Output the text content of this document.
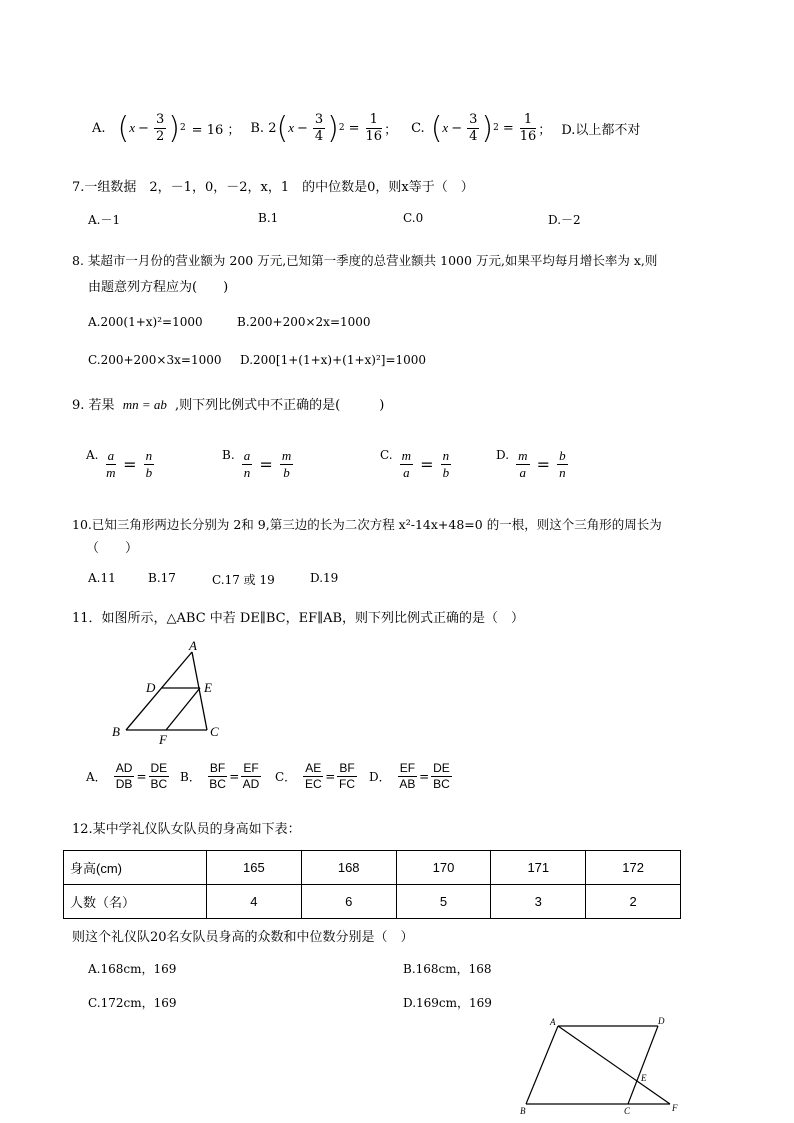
A. ( $x - \frac{3}{2}$ ) 2 = 16 ； B. 2 ( $x - \frac{3}{4}$ ) $2 = \frac{1}{16}$ ； C. ( $x - \frac{3}{4}$ ) $2 = \frac{1}{16}$ ； D.以上都不对
7.一组数据　2，－1，0，－2，x，1　的中位数是0，则x等于（　）
A.－1	B.1	C.0	D.－2
8. 某超市一月份的营业额为 200 万元,已知第一季度的总营业额共 1000 万元,如果平均每月增长率为 x,则
由题意列方程应为(　　)
A.200(1+x)²=1000	B.200+200×2x=1000
C.200+200×3x=1000 D.200[1+(1+x)+(1+x)²]=1000
9. 若果 mn = ab ,则下列比例式中不正确的是(　　　)
$^{A.} \frac{a}{m} = \frac{n}{b}$	$^{B.} \frac{a}{n} = \frac{m}{b}$	$^{C.} \frac{m}{a} = \frac{n}{b}$	$^{D.} \frac{m}{a} = \frac{b}{n}$
10.已知三角形两边长分别为 2和 9,第三边的长为二次方程 x²-14x+48=0 的一根，则这个三角形的周长为
（　　）
A.11	B.17	C.17 或 19	D.19
11．如图所示，△ABC 中若 DE∥BC，EF∥AB，则下列比例式正确的是（　）
A
D	E
B
F
C
A． $\frac{AD}{DB} = \frac{DE}{BC}$ B． $\frac{BF}{BC} = \frac{EF}{AD}$ C． $\frac{AE}{EC} = \frac{BF}{FC}$ D． $\frac{EF}{AB} = \frac{DE}{BC}$
12.某中学礼仪队女队员的身高如下表：
身高(cm)	165	168	170	171	172
人数（名）	4	6	5	3	2
则这个礼仪队20名女队员身高的众数和中位数分别是（　）
A.168cm，169	B.168cm，168
C.172cm，169	D.169cm，169
A	D
E
B	C	F
